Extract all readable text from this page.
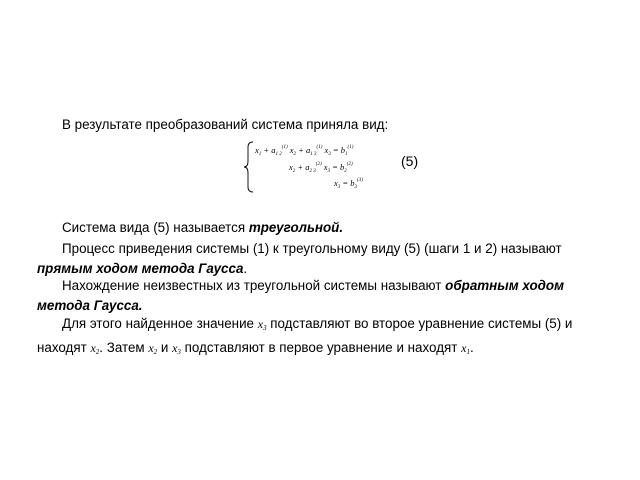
В результате преобразований система приняла вид:
$x_1 + a_{1 2}^{(1)}$ $x_2 + a_{1 3}^{(1)}$ $x_3 = b_1^{(1)}$
$x_2 + a_{2 3}^{(2)}$ $x_3 = b_2^{(2)}$
$x_3 = b_3^{(3)}$
(5)
Система вида (5) называется треугольной.
Процесс приведения системы (1) к треугольному виду (5) (шаги 1 и 2) называют прямым ходом метода Гаусса.
Нахождение неизвестных из треугольной системы называют обратным ходом метода Гаусса.
Для этого найденное значение x3 подставляют во второе уравнение системы (5) и находят x2. Затем x2 и x3 подставляют в первое уравнение и находят x1.
